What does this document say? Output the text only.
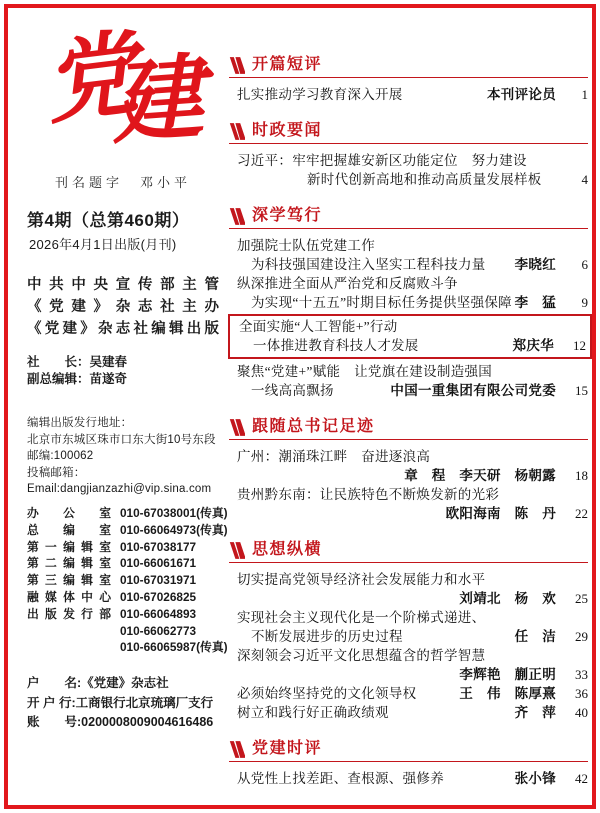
党
建
刊名题字　邓小平
第4期（总第460期）
2026年4月1日出版(月刊)
中共中央宣传部主管
《党建》杂志社主办
《党建》杂志社编辑出版
社　　长：吴建春
副总编辑：苗遂奇
编辑出版发行地址：
北京市东城区珠市口东大街10号东段
邮编:100062
投稿邮箱：
Email:dangjianzazhi@vip.sina.com
办公室 010-67038001(传真)
总编室 010-66064973(传真)
第一编辑室 010-67038177
第二编辑室 010-66061671
第三编辑室 010-67031971
融媒体中心 010-67026825
出版发行部 010-66064893
010-66062773
010-66065987(传真)
户　　名:《党建》杂志社
开 户 行:工商银行北京琉璃厂支行
账　　号:0200008009004616486
开篇短评
扎实推动学习教育深入开展	本刊评论员	1
时政要闻
习近平：牢牢把握雄安新区功能定位　努力建设
新时代创新高地和推动高质量发展样板	4
深学笃行
加强院士队伍党建工作
为科技强国建设注入坚实工程科技力量 李晓红	6
纵深推进全面从严治党和反腐败斗争
为实现“十五五”时期目标任务提供坚强保障 李　猛	9
全面实施“人工智能+”行动
一体推进教育科技人才发展	郑庆华	12
聚焦“党建+”赋能　让党旗在建设制造强国
一线高高飘扬	中国一重集团有限公司党委	15
跟随总书记足迹
广州：潮涌珠江畔　奋进逐浪高
章　程　李天研　杨朝露	18
贵州黔东南：让民族特色不断焕发新的光彩
欧阳海南　陈　丹	22
思想纵横
切实提高党领导经济社会发展能力和水平
刘靖北　杨　欢	25
实现社会主义现代化是一个阶梯式递进、
不断发展进步的历史过程	任　洁	29
深刻领会习近平文化思想蕴含的哲学智慧
李辉艳　蒯正明	33
必须始终坚持党的文化领导权	王　伟　陈厚熹	36
树立和践行好正确政绩观	齐　萍	40
党建时评
从党性上找差距、查根源、强修养	张小锋	42
